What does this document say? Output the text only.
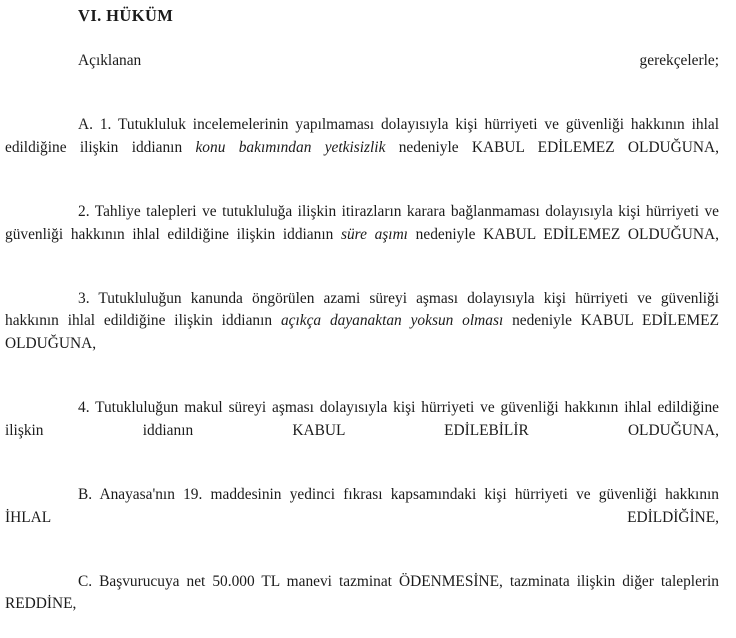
VI. HÜKÜM

Açıklanan gerekçelerle;

A. 1. Tutukluluk incelemelerinin yapılmaması dolayısıyla kişi hürriyeti ve güvenliği hakkının ihlal edildiğine ilişkin iddianın konu bakımından yetkisizlik nedeniyle KABUL EDİLEMEZ OLDUĞUNA,

2. Tahliye talepleri ve tutukluluğa ilişkin itirazların karara bağlanmaması dolayısıyla kişi hürriyeti ve güvenliği hakkının ihlal edildiğine ilişkin iddianın süre aşımı nedeniyle KABUL EDİLEMEZ OLDUĞUNA,

3. Tutukluluğun kanunda öngörülen azami süreyi aşması dolayısıyla kişi hürriyeti ve güvenliği hakkının ihlal edildiğine ilişkin iddianın açıkça dayanaktan yoksun olması nedeniyle KABUL EDİLEMEZ OLDUĞUNA,

4. Tutukluluğun makul süreyi aşması dolayısıyla kişi hürriyeti ve güvenliği hakkının ihlal edildiğine ilişkin iddianın KABUL EDİLEBİLİR OLDUĞUNA,

B. Anayasa'nın 19. maddesinin yedinci fıkrası kapsamındaki kişi hürriyeti ve güvenliği hakkının İHLAL EDİLDİĞİNE,

C. Başvurucuya net 50.000 TL manevi tazminat ÖDENMESİNE, tazminata ilişkin diğer taleplerin REDDİNE,
